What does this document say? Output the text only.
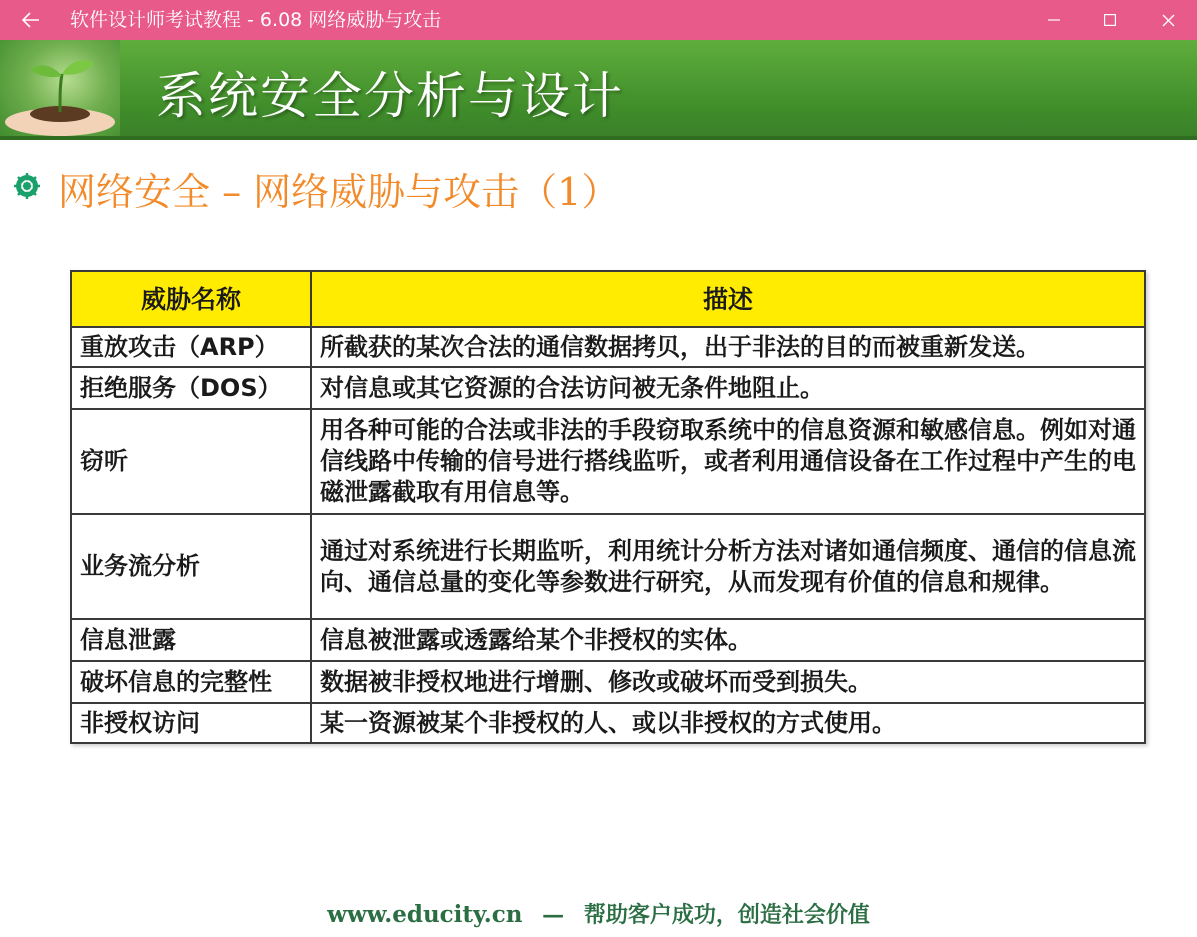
软件设计师考试教程 - 6.08 网络威胁与攻击
系统安全分析与设计
网络安全 – 网络威胁与攻击（1）
威胁名称	描述
重放攻击（ARP）	所截获的某次合法的通信数据拷贝，出于非法的目的而被重新发送。
拒绝服务（DOS）	对信息或其它资源的合法访问被无条件地阻止。
窃听	用各种可能的合法或非法的手段窃取系统中的信息资源和敏感信息。例如对通信线路中传输的信号进行搭线监听，或者利用通信设备在工作过程中产生的电磁泄露截取有用信息等。
业务流分析	通过对系统进行长期监听，利用统计分析方法对诸如通信频度、通信的信息流向、通信总量的变化等参数进行研究，从而发现有价值的信息和规律。
信息泄露	信息被泄露或透露给某个非授权的实体。
破坏信息的完整性	数据被非授权地进行增删、修改或破坏而受到损失。
非授权访问	某一资源被某个非授权的人、或以非授权的方式使用。
www.educity.cn — 帮助客户成功，创造社会价值
